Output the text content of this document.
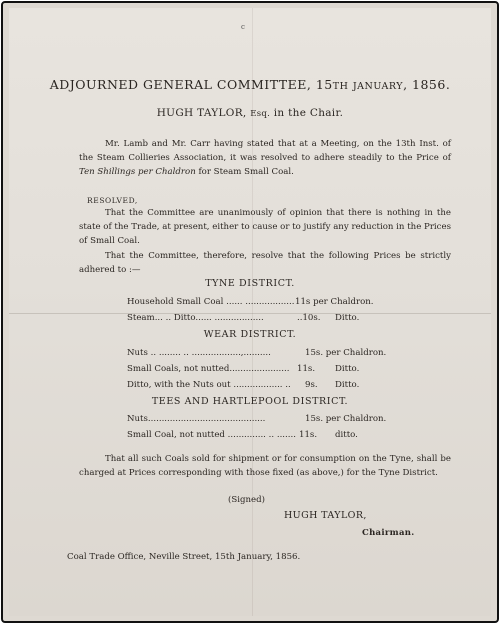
c
ADJOURNED GENERAL COMMITTEE, 15TH JANUARY, 1856.
HUGH TAYLOR, Esq. in the Chair.
Mr. Lamb and Mr. Carr having stated that at a Meeting, on the 13th Inst. of the Steam Collieries Association, it was resolved to adhere steadily to the Price of Ten Shillings per Chaldron for Steam Small Coal.
RESOLVED,
That the Committee are unanimously of opinion that there is nothing in the state of the Trade, at present, either to cause or to justify any reduction in the Prices of Small Coal.
That the Committee, therefore, resolve that the following Prices be strictly adhered to :—
TYNE DISTRICT.
Household Small Coal ...... .................. 11s per Chaldron.
Steam... .. Ditto...... ..................	..10s. Ditto.
WEAR DISTRICT.
Nuts .. ........ .. ..................,..........	15s. per Chaldron.
Small Coals, not nutted...................... 11s. Ditto.
Ditto, with the Nuts out .................. .. 9s. Ditto.
TEES AND HARTLEPOOL DISTRICT.
Nuts...........................................	15s. per Chaldron.
Small Coal, not nutted .............. .. ....... 11s. ditto.
That all such Coals sold for shipment or for consumption on the Tyne, shall be charged at Prices corresponding with those fixed (as above,) for the Tyne District.
(Signed)
HUGH TAYLOR,
Chairman.
Coal Trade Office, Neville Street, 15th January, 1856.
